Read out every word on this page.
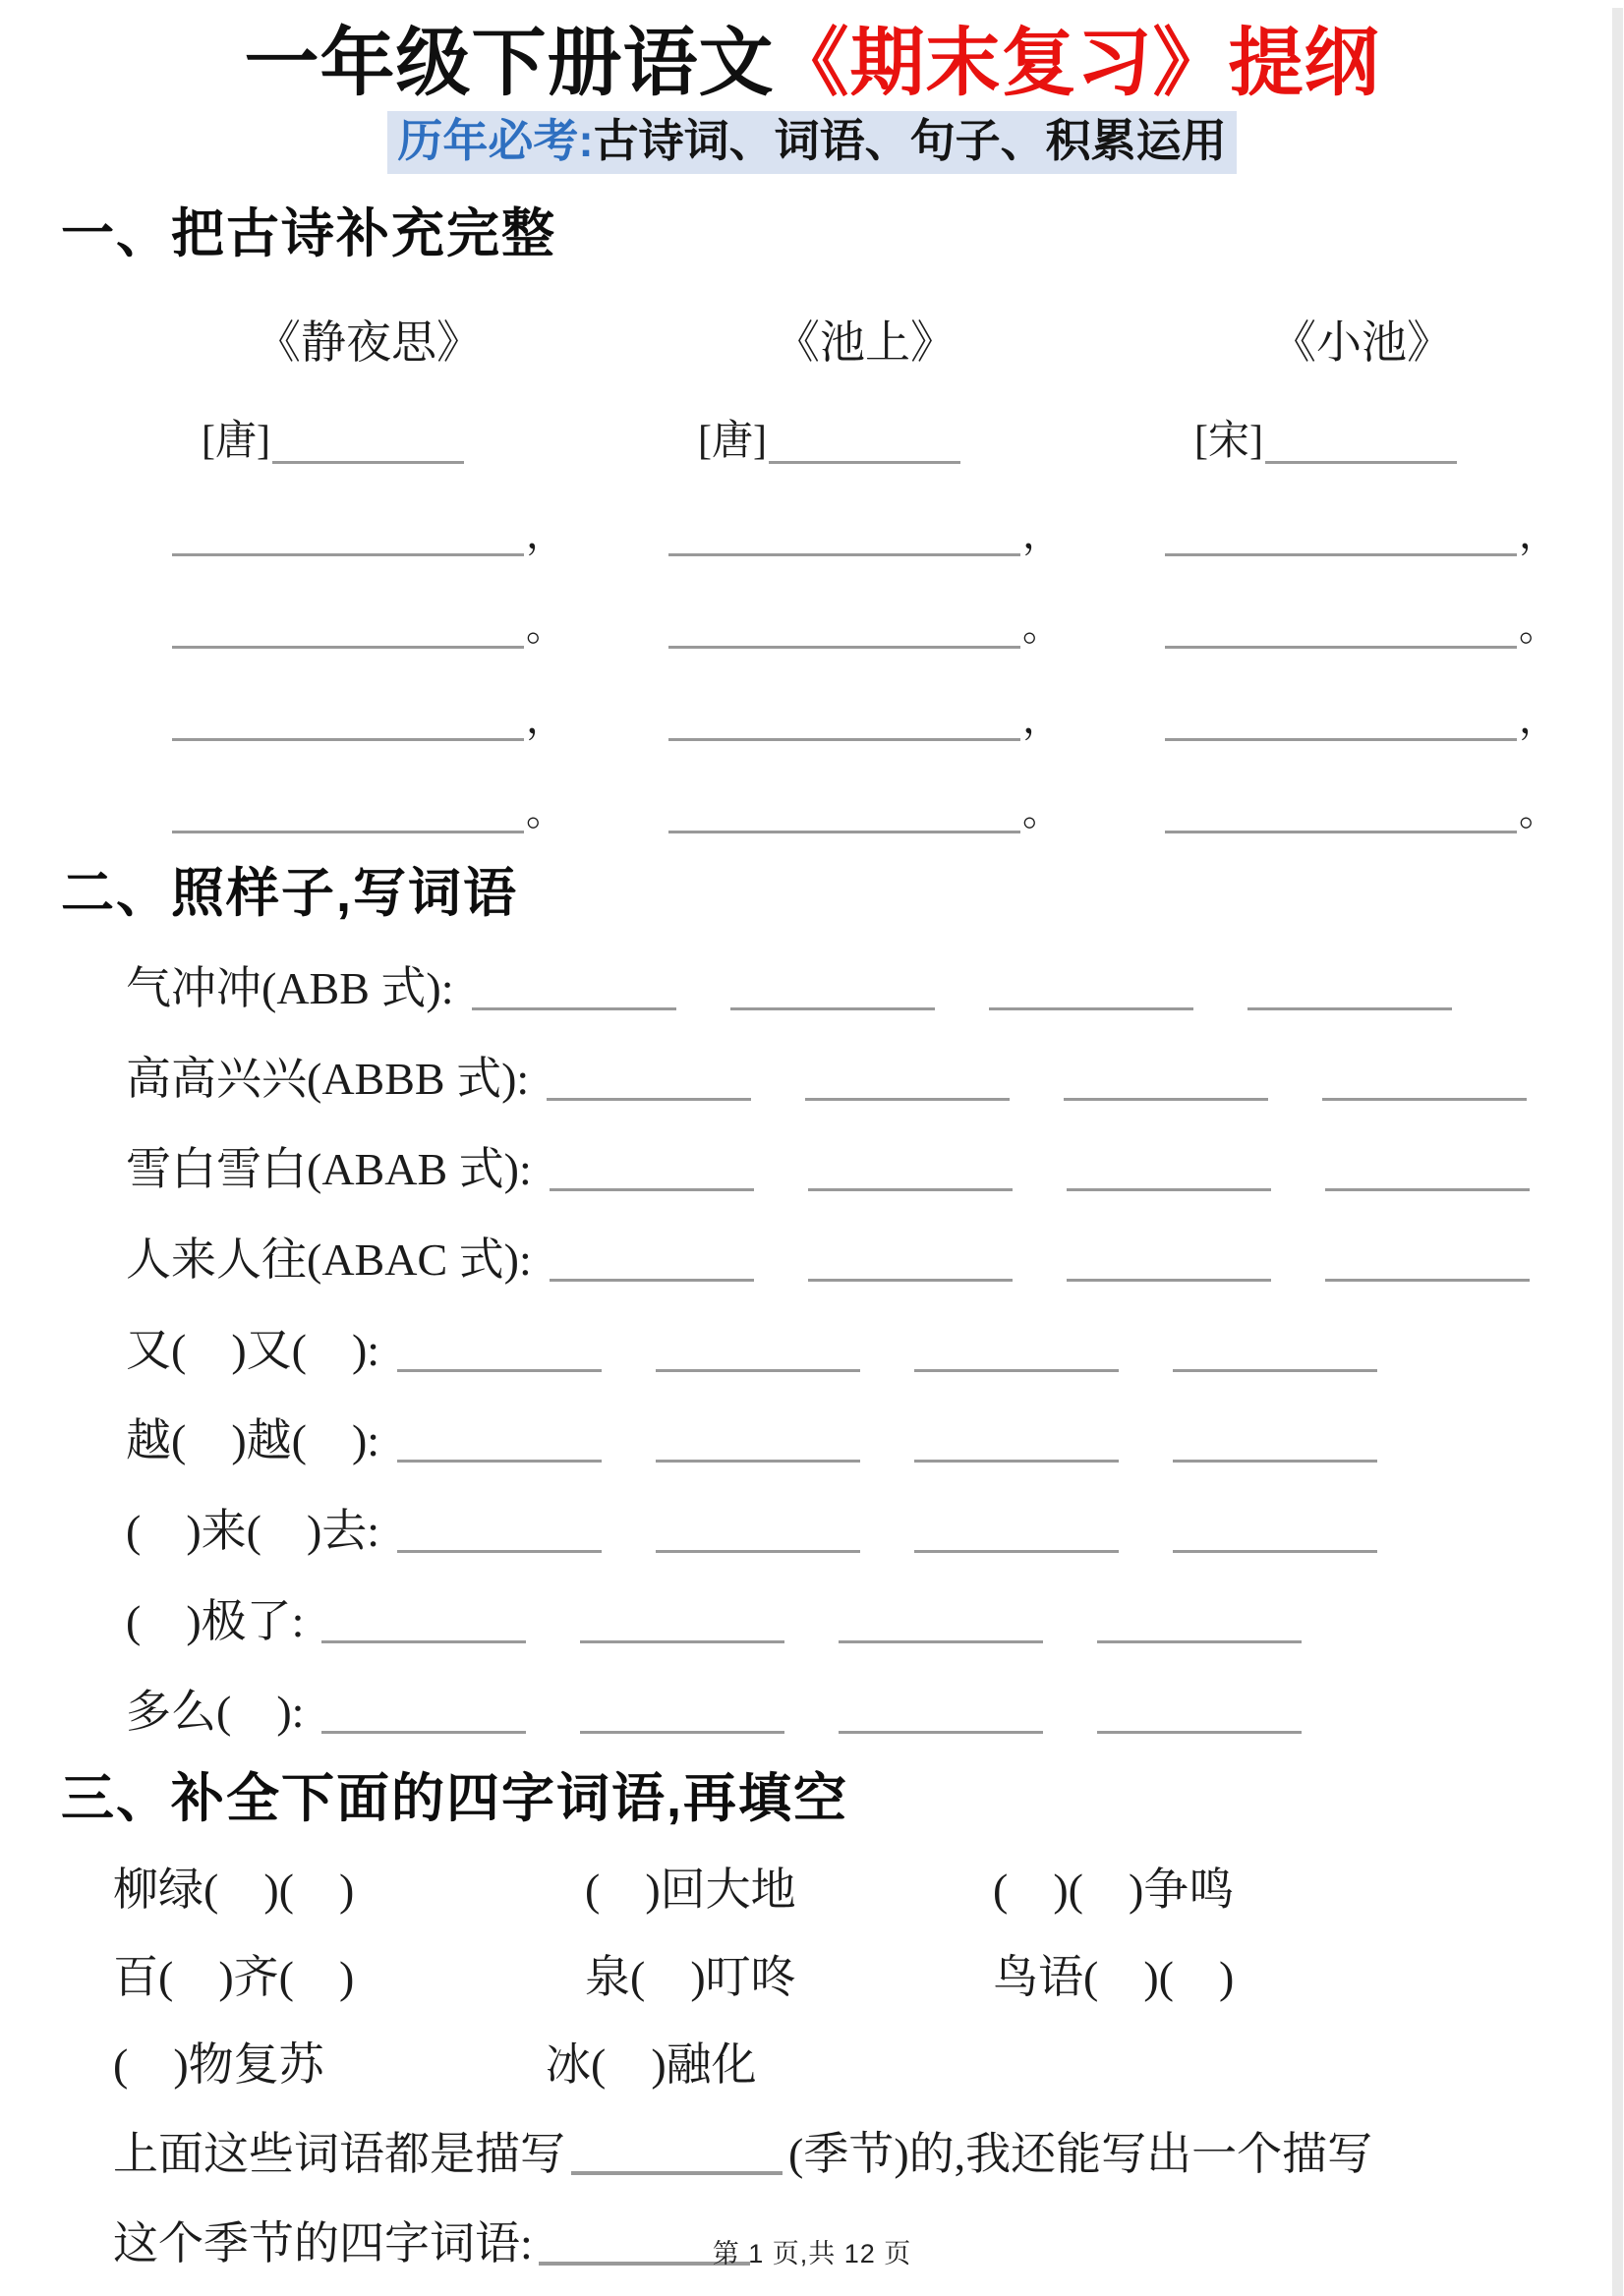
一年级下册语文《期末复习》提纲
历年必考:古诗词、词语、句子、积累运用
一、把古诗补充完整
《静夜思》
[唐]
，
。
，
。
《池上》
[唐]
，
。
，
。
《小池》
[宋]
，
。
，
。
二、照样子,写词语
气冲冲(ABB 式):
高高兴兴(ABBB 式):
雪白雪白(ABAB 式):
人来人往(ABAC 式):
又(　)又(　):
越(　)越(　):
(　)来(　)去:
(　)极了:
多么(　):
三、补全下面的四字词语,再填空
柳绿(　)(　)	(　)回大地	(　)(　)争鸣
百(　)齐(　)	泉(　)叮咚	鸟语(　)(　)
(　)物复苏	冰(　)融化
上面这些词语都是描写	(季节)的,我还能写出一个描写
这个季节的四字词语:	第 1 页,共 12 页
